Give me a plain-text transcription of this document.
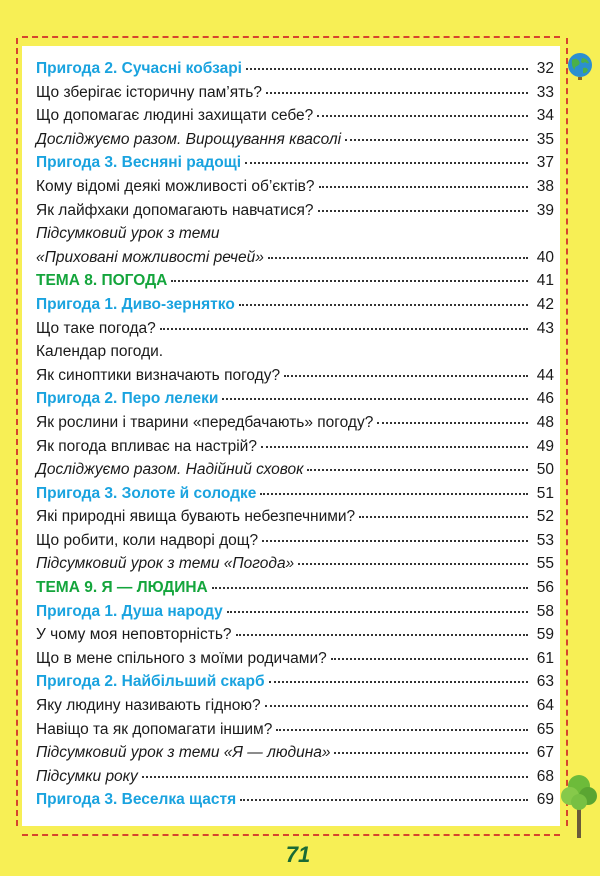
Пригода 2. Сучасні кобзарі	32
Що зберігає історичну пам’ять?	33
Що допомагає людині захищати себе?	34
Досліджуємо разом. Вирощування квасолі	35
Пригода 3. Весняні радощі	37
Кому відомі деякі можливості об’єктів?	38
Як лайфхаки допомагають навчатися?	39
Підсумковий урок з теми
«Приховані можливості речей»	40
ТЕМА 8. ПОГОДА	41
Пригода 1. Диво-зернятко	42
Що таке погода?	43
Календар погоди.
Як синоптики визначають погоду?	44
Пригода 2. Перо лелеки	46
Як рослини і тварини «передбачають» погоду?	48
Як погода впливає на настрій?	49
Досліджуємо разом. Надійний сховок	50
Пригода 3. Золоте й солодке	51
Які природні явища бувають небезпечними?	52
Що робити, коли надворі дощ?	53
Підсумковий урок з теми «Погода»	55
ТЕМА 9. Я — ЛЮДИНА	56
Пригода 1. Душа народу	58
У чому моя неповторність?	59
Що в мене спільного з моїми родичами?	61
Пригода 2. Найбільший скарб	63
Яку людину називають гідною?	64
Навіщо та як допомагати іншим?	65
Підсумковий урок з теми «Я — людина»	67
Підсумки року	68
Пригода 3. Веселка щастя	69
71
